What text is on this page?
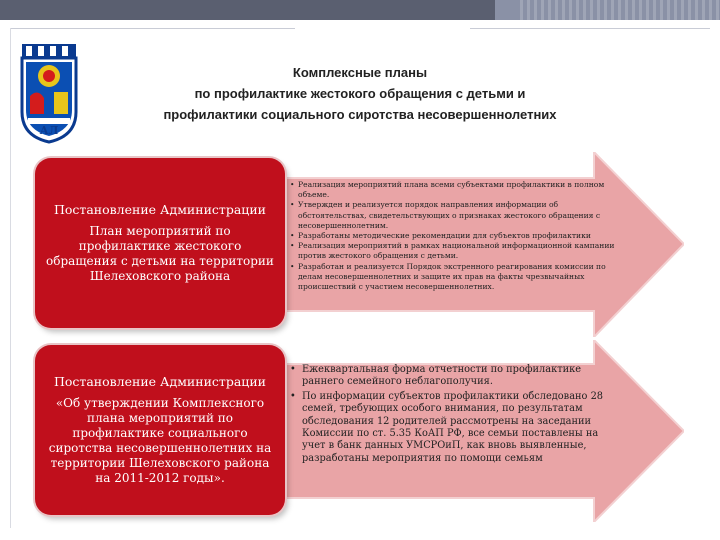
АЛ
Комплексные планы
по профилактике жестокого обращения с детьми и
профилактики социального сиротства несовершеннолетних
Постановление Администрации
План мероприятий по профилактике жестокого обращения с детьми на территории Шелеховского района
Постановление Администрации
«Об утверждении Комплексного плана мероприятий по профилактике социального сиротства несовершеннолетних на территории Шелеховского района на 2011-2012 годы».
• Реализация мероприятий плана всеми субъектами профилактики в полном объеме.
• Утвержден и реализуется порядок направления информации об обстоятельствах, свидетельствующих о признаках жестокого обращения с несовершеннолетним.
• Разработаны методические рекомендации для субъектов профилактики
• Реализация мероприятий в рамках национальной информационной кампании против жестокого обращения с детьми.
• Разработан и реализуется Порядок экстренного реагирования комиссии по делам несовершеннолетних и защите их прав на факты чрезвычайных происшествий с участием несовершеннолетних.
• Ежеквартальная форма отчетности по профилактике раннего семейного неблагополучия.
• По информации субъектов профилактики обследовано 28 семей, требующих особого внимания, по результатам обследования 12 родителей рассмотрены на заседании Комиссии по ст. 5.35 КоАП РФ, все семьи поставлены на учет в банк данных УМСРОиП, как вновь выявленные, разработаны мероприятия по помощи семьям
